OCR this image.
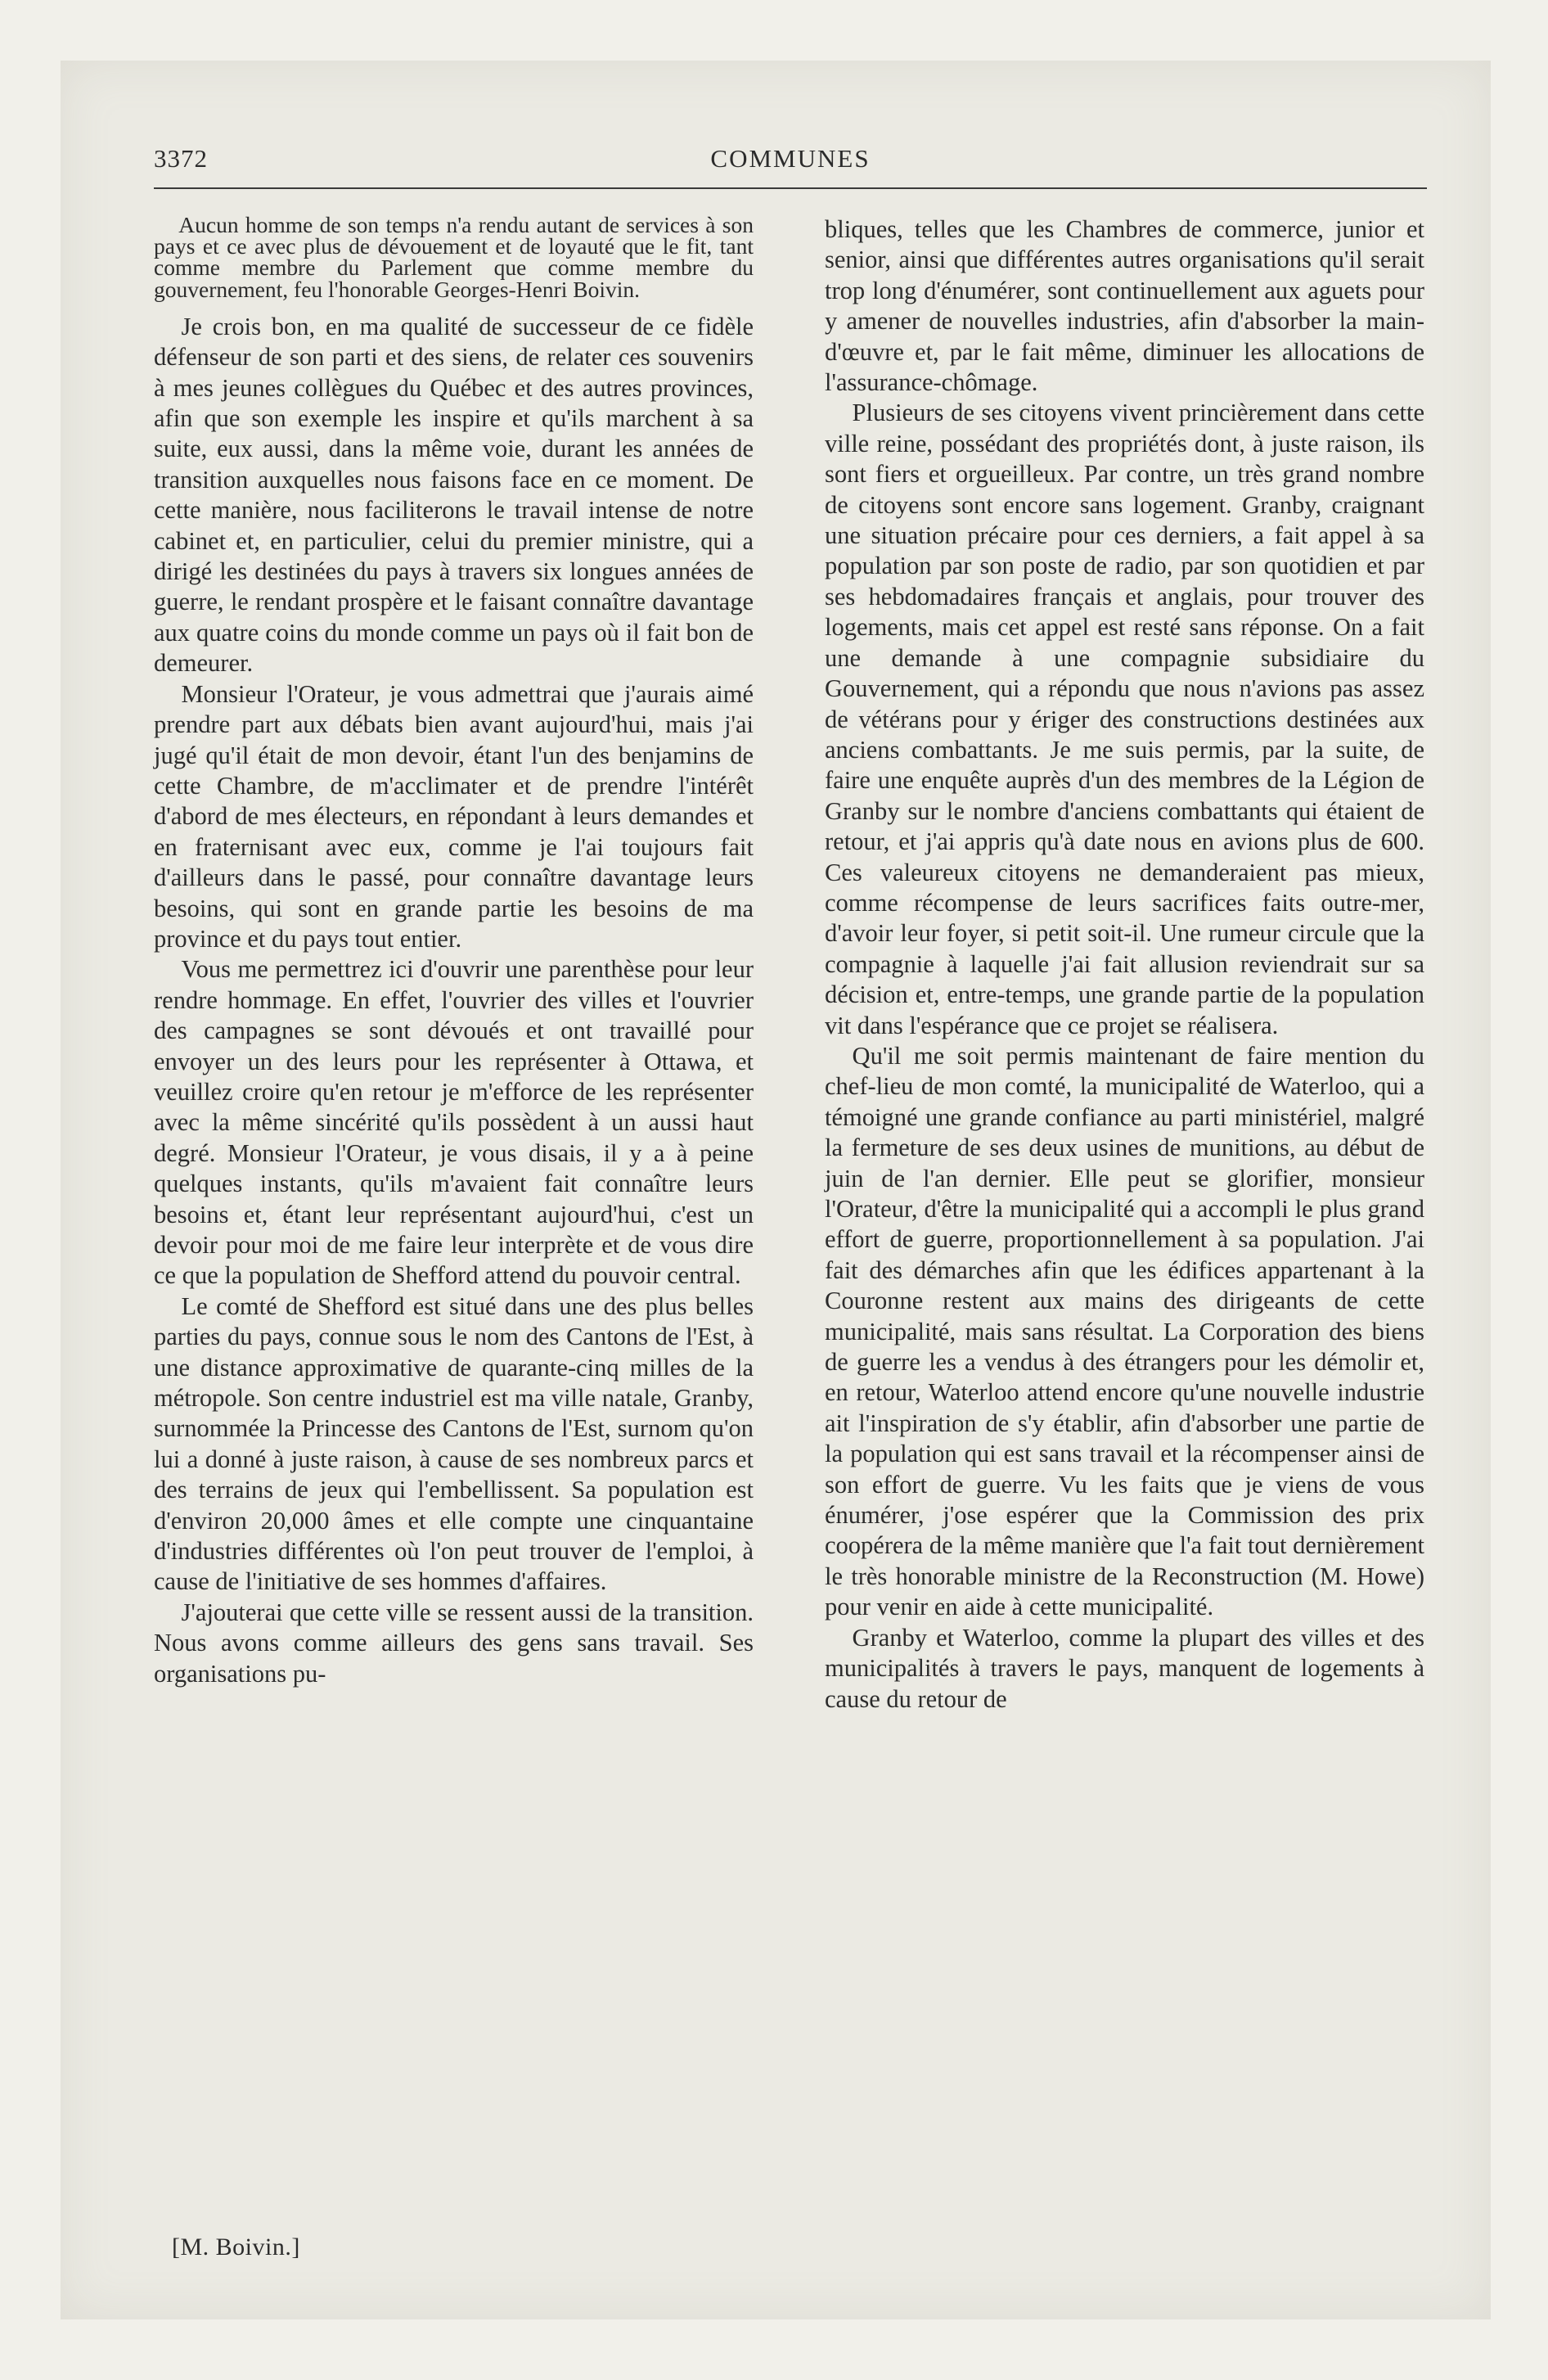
3372	COMMUNES

Aucun homme de son temps n'a rendu autant de services à son pays et ce avec plus de dévouement et de loyauté que le fit, tant comme membre du Parlement que comme membre du gouvernement, feu l'honorable Georges-Henri Boivin.

Je crois bon, en ma qualité de successeur de ce fidèle défenseur de son parti et des siens, de relater ces souvenirs à mes jeunes collègues du Québec et des autres provinces, afin que son exemple les inspire et qu'ils marchent à sa suite, eux aussi, dans la même voie, durant les années de transition auxquelles nous faisons face en ce moment. De cette manière, nous faciliterons le travail intense de notre cabinet et, en particulier, celui du premier ministre, qui a dirigé les destinées du pays à travers six longues années de guerre, le rendant prospère et le faisant connaître davantage aux quatre coins du monde comme un pays où il fait bon de demeurer.

Monsieur l'Orateur, je vous admettrai que j'aurais aimé prendre part aux débats bien avant aujourd'hui, mais j'ai jugé qu'il était de mon devoir, étant l'un des benjamins de cette Chambre, de m'acclimater et de prendre l'intérêt d'abord de mes électeurs, en répondant à leurs demandes et en fraternisant avec eux, comme je l'ai toujours fait d'ailleurs dans le passé, pour connaître davantage leurs besoins, qui sont en grande partie les besoins de ma province et du pays tout entier.

Vous me permettrez ici d'ouvrir une parenthèse pour leur rendre hommage. En effet, l'ouvrier des villes et l'ouvrier des campagnes se sont dévoués et ont travaillé pour envoyer un des leurs pour les représenter à Ottawa, et veuillez croire qu'en retour je m'efforce de les représenter avec la même sincérité qu'ils possèdent à un aussi haut degré. Monsieur l'Orateur, je vous disais, il y a à peine quelques instants, qu'ils m'avaient fait connaître leurs besoins et, étant leur représentant aujourd'hui, c'est un devoir pour moi de me faire leur interprète et de vous dire ce que la population de Shefford attend du pouvoir central.

Le comté de Shefford est situé dans une des plus belles parties du pays, connue sous le nom des Cantons de l'Est, à une distance approximative de quarante-cinq milles de la métropole. Son centre industriel est ma ville natale, Granby, surnommée la Princesse des Cantons de l'Est, surnom qu'on lui a donné à juste raison, à cause de ses nombreux parcs et des terrains de jeux qui l'embellissent. Sa population est d'environ 20,000 âmes et elle compte une cinquantaine d'industries différentes où l'on peut trouver de l'emploi, à cause de l'initiative de ses hommes d'affaires.

J'ajouterai que cette ville se ressent aussi de la transition. Nous avons comme ailleurs des gens sans travail. Ses organisations pu-

bliques, telles que les Chambres de commerce, junior et senior, ainsi que différentes autres organisations qu'il serait trop long d'énumérer, sont continuellement aux aguets pour y amener de nouvelles industries, afin d'absorber la main-d'œuvre et, par le fait même, diminuer les allocations de l'assurance-chômage.

Plusieurs de ses citoyens vivent princièrement dans cette ville reine, possédant des propriétés dont, à juste raison, ils sont fiers et orgueilleux. Par contre, un très grand nombre de citoyens sont encore sans logement. Granby, craignant une situation précaire pour ces derniers, a fait appel à sa population par son poste de radio, par son quotidien et par ses hebdomadaires français et anglais, pour trouver des logements, mais cet appel est resté sans réponse. On a fait une demande à une compagnie subsidiaire du Gouvernement, qui a répondu que nous n'avions pas assez de vétérans pour y ériger des constructions destinées aux anciens combattants. Je me suis permis, par la suite, de faire une enquête auprès d'un des membres de la Légion de Granby sur le nombre d'anciens combattants qui étaient de retour, et j'ai appris qu'à date nous en avions plus de 600. Ces valeureux citoyens ne demanderaient pas mieux, comme récompense de leurs sacrifices faits outre-mer, d'avoir leur foyer, si petit soit-il. Une rumeur circule que la compagnie à laquelle j'ai fait allusion reviendrait sur sa décision et, entre-temps, une grande partie de la population vit dans l'espérance que ce projet se réalisera.

Qu'il me soit permis maintenant de faire mention du chef-lieu de mon comté, la municipalité de Waterloo, qui a témoigné une grande confiance au parti ministériel, malgré la fermeture de ses deux usines de munitions, au début de juin de l'an dernier. Elle peut se glorifier, monsieur l'Orateur, d'être la municipalité qui a accompli le plus grand effort de guerre, proportionnellement à sa population. J'ai fait des démarches afin que les édifices appartenant à la Couronne restent aux mains des dirigeants de cette municipalité, mais sans résultat. La Corporation des biens de guerre les a vendus à des étrangers pour les démolir et, en retour, Waterloo attend encore qu'une nouvelle industrie ait l'inspiration de s'y établir, afin d'absorber une partie de la population qui est sans travail et la récompenser ainsi de son effort de guerre. Vu les faits que je viens de vous énumérer, j'ose espérer que la Commission des prix coopérera de la même manière que l'a fait tout dernièrement le très honorable ministre de la Reconstruction (M. Howe) pour venir en aide à cette municipalité.

Granby et Waterloo, comme la plupart des villes et des municipalités à travers le pays, manquent de logements à cause du retour de

[M. Boivin.]
